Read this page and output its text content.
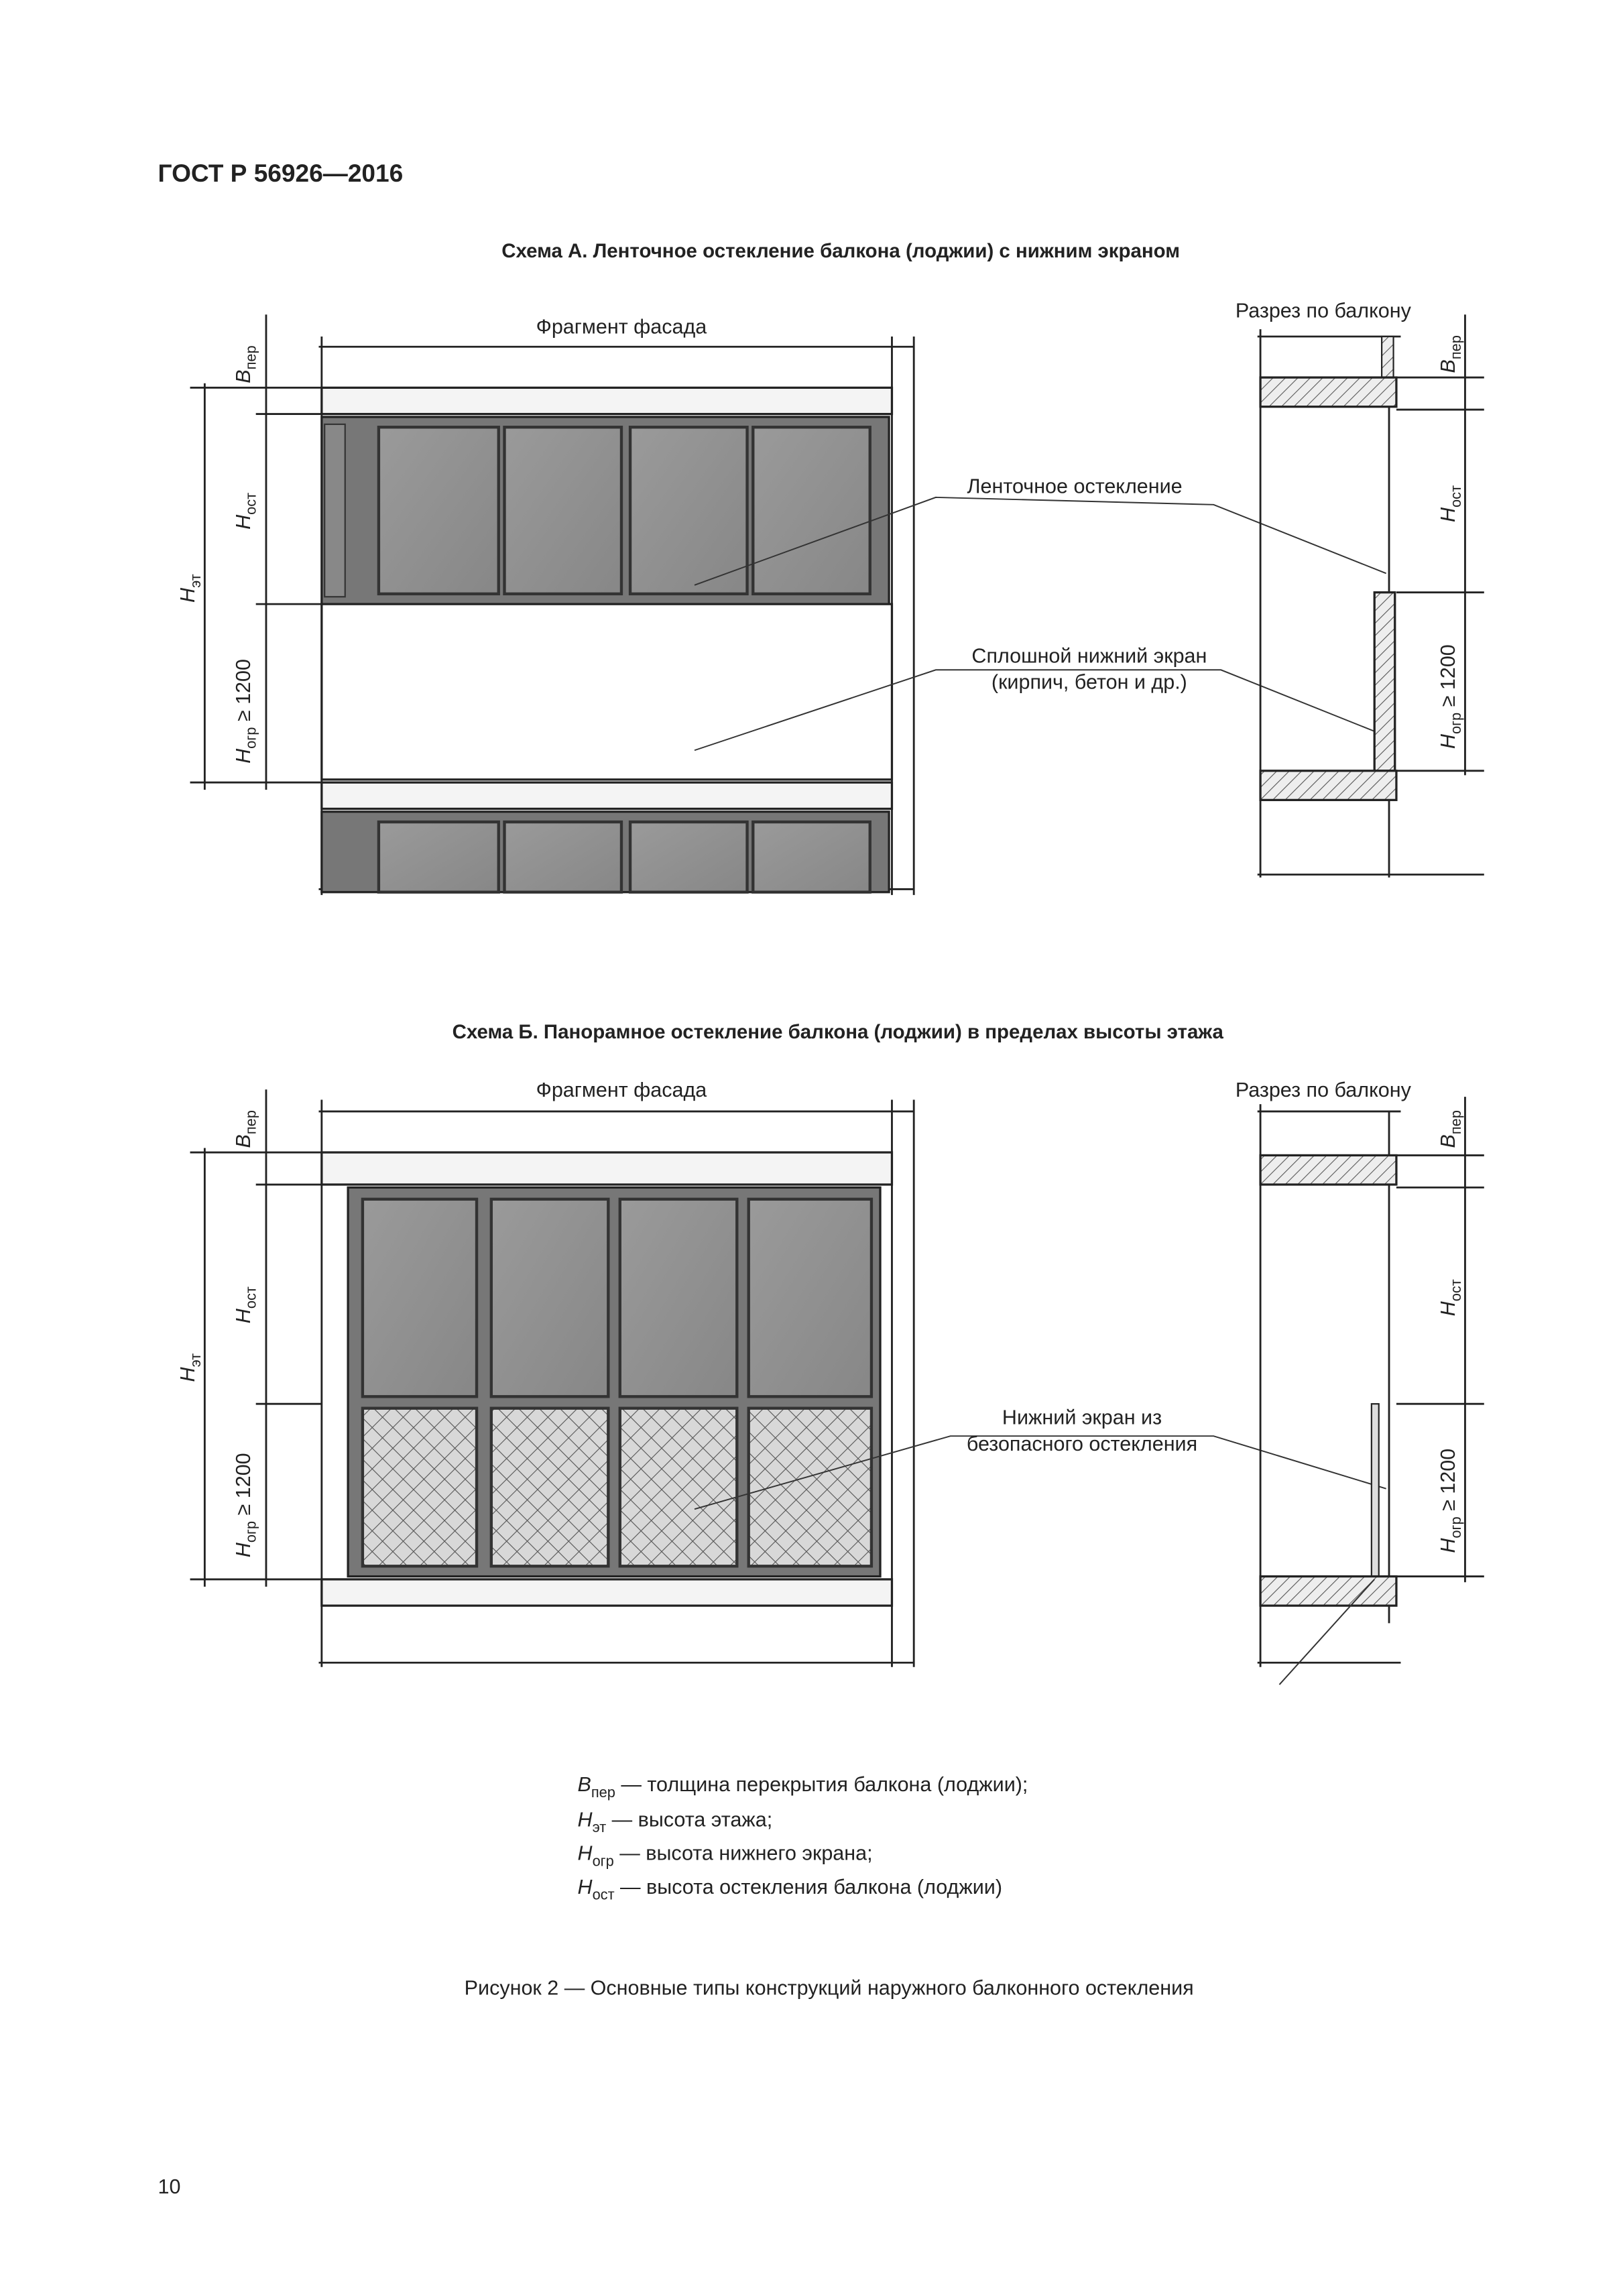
ГОСТ Р 56926—2016
Схема А. Ленточное остекление балкона (лоджии) с нижним экраном
Фрагмент фасада
Разрез по балкону
$B_{пер}$
$H_{ост}$
$H_{огр} \ge 1200$
$H_{эт}$
Ленточное остекление
Сплошной нижний экран
(кирпич, бетон и др.)
$B_{пер}$
$H_{ост}$
$H_{огр} \ge 1200$
Схема Б. Панорамное остекление балкона (лоджии) в пределах высоты этажа
Фрагмент фасада	Разрез по балкону
$B_{пер}$
$H_{ост}$
$H_{огр} \ge 1200$
$H_{эт}$
Нижний экран из
безопасного остекления
$B_{пер}$
$H_{ост}$
$H_{огр} \ge 1200$
$B_{пер}$ — толщина перекрытия балкона (лоджии);
$H_{эт}$ — высота этажа;
$H_{огр}$ — высота нижнего экрана;
$H_{ост}$ — высота остекления балкона (лоджии)
Рисунок 2 — Основные типы конструкций наружного балконного остекления
10
